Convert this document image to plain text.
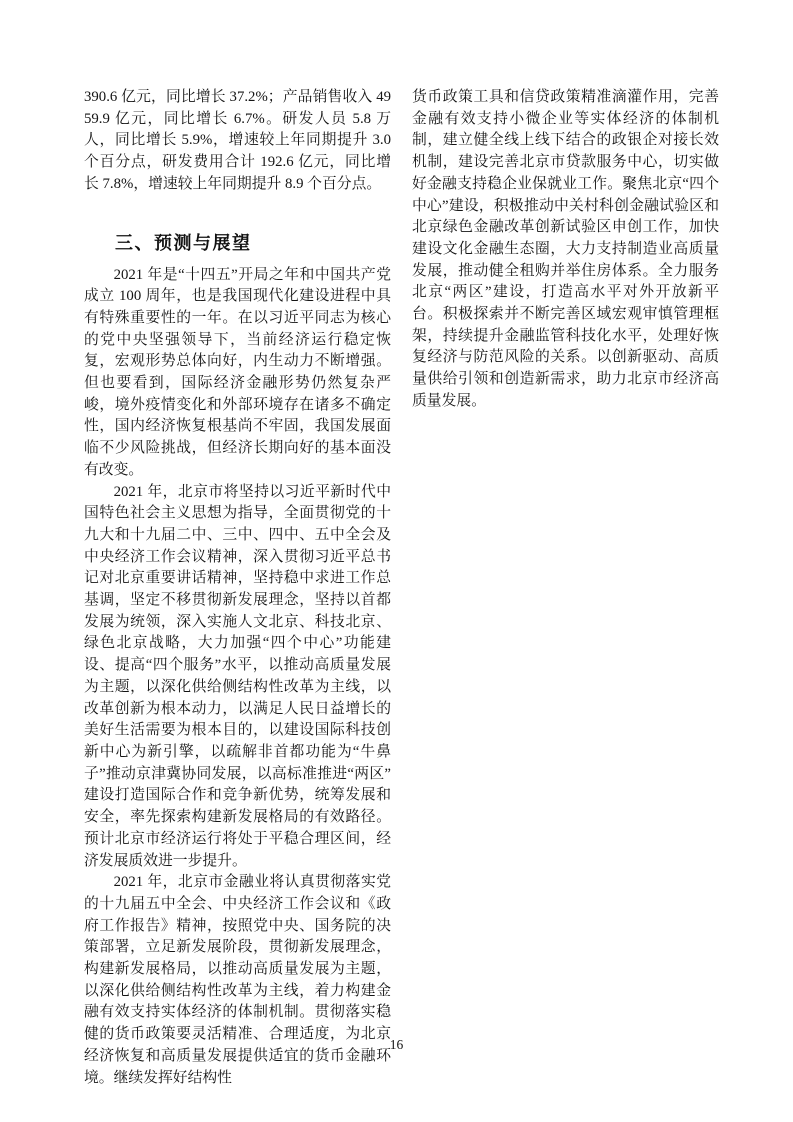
390.6 亿元，同比增长 37.2%；产品销售收入 4959.9 亿元，同比增长 6.7%。研发人员 5.8 万人，同比增长 5.9%，增速较上年同期提升 3.0 个百分点，研发费用合计 192.6 亿元，同比增长 7.8%，增速较上年同期提升 8.9 个百分点。

三、预测与展望

2021 年是“十四五”开局之年和中国共产党成立 100 周年，也是我国现代化建设进程中具有特殊重要性的一年。在以习近平同志为核心的党中央坚强领导下，当前经济运行稳定恢复，宏观形势总体向好，内生动力不断增强。但也要看到，国际经济金融形势仍然复杂严峻，境外疫情变化和外部环境存在诸多不确定性，国内经济恢复根基尚不牢固，我国发展面临不少风险挑战，但经济长期向好的基本面没有改变。

2021 年，北京市将坚持以习近平新时代中国特色社会主义思想为指导，全面贯彻党的十九大和十九届二中、三中、四中、五中全会及中央经济工作会议精神，深入贯彻习近平总书记对北京重要讲话精神，坚持稳中求进工作总基调，坚定不移贯彻新发展理念，坚持以首都发展为统领，深入实施人文北京、科技北京、绿色北京战略，大力加强“四个中心”功能建设、提高“四个服务”水平，以推动高质量发展为主题，以深化供给侧结构性改革为主线，以改革创新为根本动力，以满足人民日益增长的美好生活需要为根本目的，以建设国际科技创新中心为新引擎，以疏解非首都功能为“牛鼻子”推动京津冀协同发展，以高标准推进“两区”建设打造国际合作和竞争新优势，统筹发展和安全，率先探索构建新发展格局的有效路径。预计北京市经济运行将处于平稳合理区间，经济发展质效进一步提升。

2021 年，北京市金融业将认真贯彻落实党的十九届五中全会、中央经济工作会议和《政府工作报告》精神，按照党中央、国务院的决策部署，立足新发展阶段，贯彻新发展理念，构建新发展格局，以推动高质量发展为主题，以深化供给侧结构性改革为主线，着力构建金融有效支持实体经济的体制机制。贯彻落实稳健的货币政策要灵活精准、合理适度，为北京经济恢复和高质量发展提供适宜的货币金融环境。继续发挥好结构性

货币政策工具和信贷政策精准滴灌作用，完善金融有效支持小微企业等实体经济的体制机制，建立健全线上线下结合的政银企对接长效机制，建设完善北京市贷款服务中心，切实做好金融支持稳企业保就业工作。聚焦北京“四个中心”建设，积极推动中关村科创金融试验区和北京绿色金融改革创新试验区申创工作，加快建设文化金融生态圈，大力支持制造业高质量发展，推动健全租购并举住房体系。全力服务北京“两区”建设，打造高水平对外开放新平台。积极探索并不断完善区域宏观审慎管理框架，持续提升金融监管科技化水平，处理好恢复经济与防范风险的关系。以创新驱动、高质量供给引领和创造新需求，助力北京市经济高质量发展。

16
